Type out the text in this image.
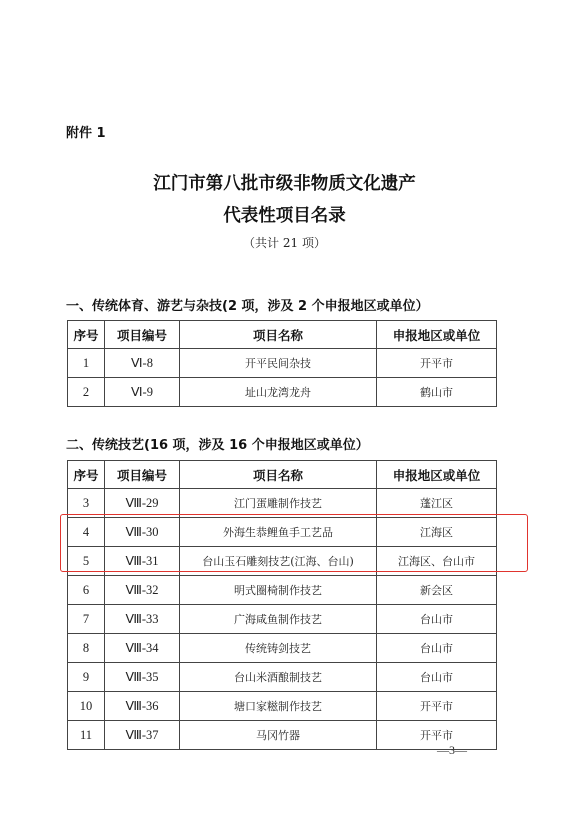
附件 1
江门市第八批市级非物质文化遗产
代表性项目名录
（共计 21 项）
一、传统体育、游艺与杂技(2 项，涉及 2 个申报地区或单位）
序号	项目编号	项目名称	申报地区或单位
1	Ⅵ-8	开平民间杂技	开平市
2	Ⅵ-9	址山龙湾龙舟	鹤山市
二、传统技艺(16 项，涉及 16 个申报地区或单位）
序号	项目编号	项目名称	申报地区或单位
3	Ⅷ-29	江门蛋雕制作技艺	蓬江区
4	Ⅷ-30	外海生恭鲤鱼手工艺品	江海区
5	Ⅷ-31	台山玉石雕刻技艺(江海、台山)	江海区、台山市
6	Ⅷ-32	明式圈椅制作技艺	新会区
7	Ⅷ-33	广海咸鱼制作技艺	台山市
8	Ⅷ-34	传统铸剑技艺	台山市
9	Ⅷ-35	台山米酒酿制技艺	台山市
10	Ⅷ-36	塘口家糍制作技艺	开平市
11	Ⅷ-37	马冈竹器	开平市
—3—
